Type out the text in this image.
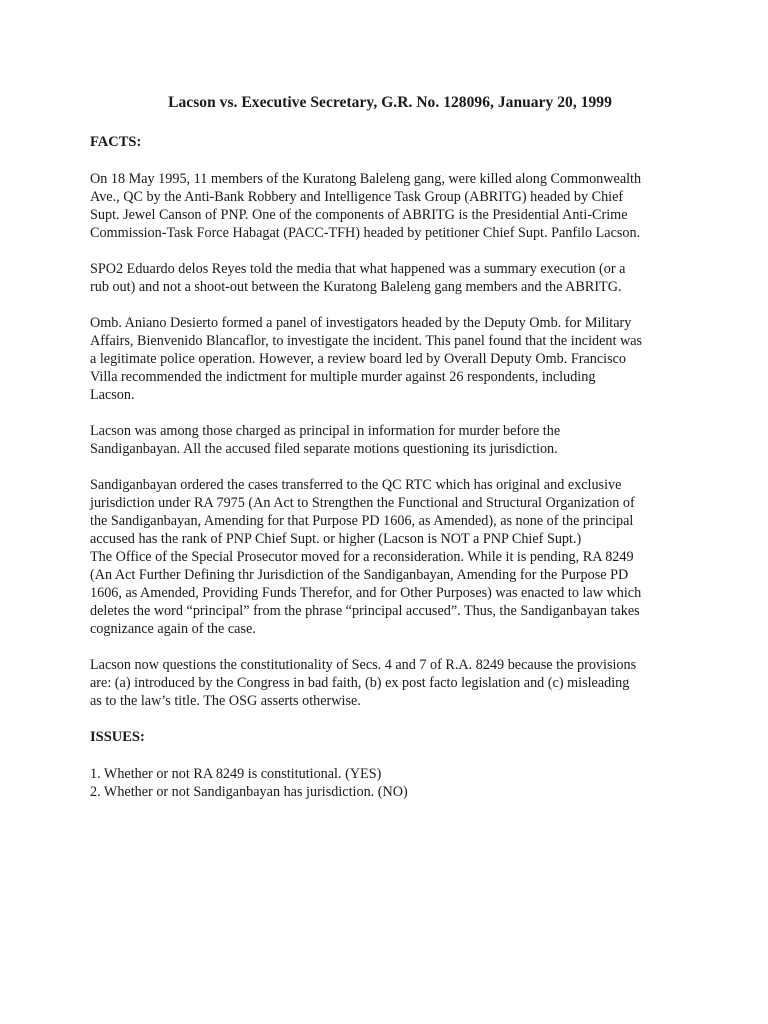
Lacson vs. Executive Secretary, G.R. No. 128096, January 20, 1999
FACTS:
On 18 May 1995, 11 members of the Kuratong Baleleng gang, were killed along Commonwealth
Ave., QC by the Anti-Bank Robbery and Intelligence Task Group (ABRITG) headed by Chief
Supt. Jewel Canson of PNP. One of the components of ABRITG is the Presidential Anti-Crime
Commission-Task Force Habagat (PACC-TFH) headed by petitioner Chief Supt. Panfilo Lacson.
SPO2 Eduardo delos Reyes told the media that what happened was a summary execution (or a
rub out) and not a shoot-out between the Kuratong Baleleng gang members and the ABRITG.
Omb. Aniano Desierto formed a panel of investigators headed by the Deputy Omb. for Military
Affairs, Bienvenido Blancaflor, to investigate the incident. This panel found that the incident was
a legitimate police operation. However, a review board led by Overall Deputy Omb. Francisco
Villa recommended the indictment for multiple murder against 26 respondents, including
Lacson.
Lacson was among those charged as principal in information for murder before the
Sandiganbayan. All the accused filed separate motions questioning its jurisdiction.
Sandiganbayan ordered the cases transferred to the QC RTC which has original and exclusive
jurisdiction under RA 7975 (An Act to Strengthen the Functional and Structural Organization of
the Sandiganbayan, Amending for that Purpose PD 1606, as Amended), as none of the principal
accused has the rank of PNP Chief Supt. or higher (Lacson is NOT a PNP Chief Supt.)
The Office of the Special Prosecutor moved for a reconsideration. While it is pending, RA 8249
(An Act Further Defining thr Jurisdiction of the Sandiganbayan, Amending for the Purpose PD
1606, as Amended, Providing Funds Therefor, and for Other Purposes) was enacted to law which
deletes the word “principal” from the phrase “principal accused”. Thus, the Sandiganbayan takes
cognizance again of the case.
Lacson now questions the constitutionality of Secs. 4 and 7 of R.A. 8249 because the provisions
are: (a) introduced by the Congress in bad faith, (b) ex post facto legislation and (c) misleading
as to the law’s title. The OSG asserts otherwise.
ISSUES:
1. Whether or not RA 8249 is constitutional. (YES)
2. Whether or not Sandiganbayan has jurisdiction. (NO)
